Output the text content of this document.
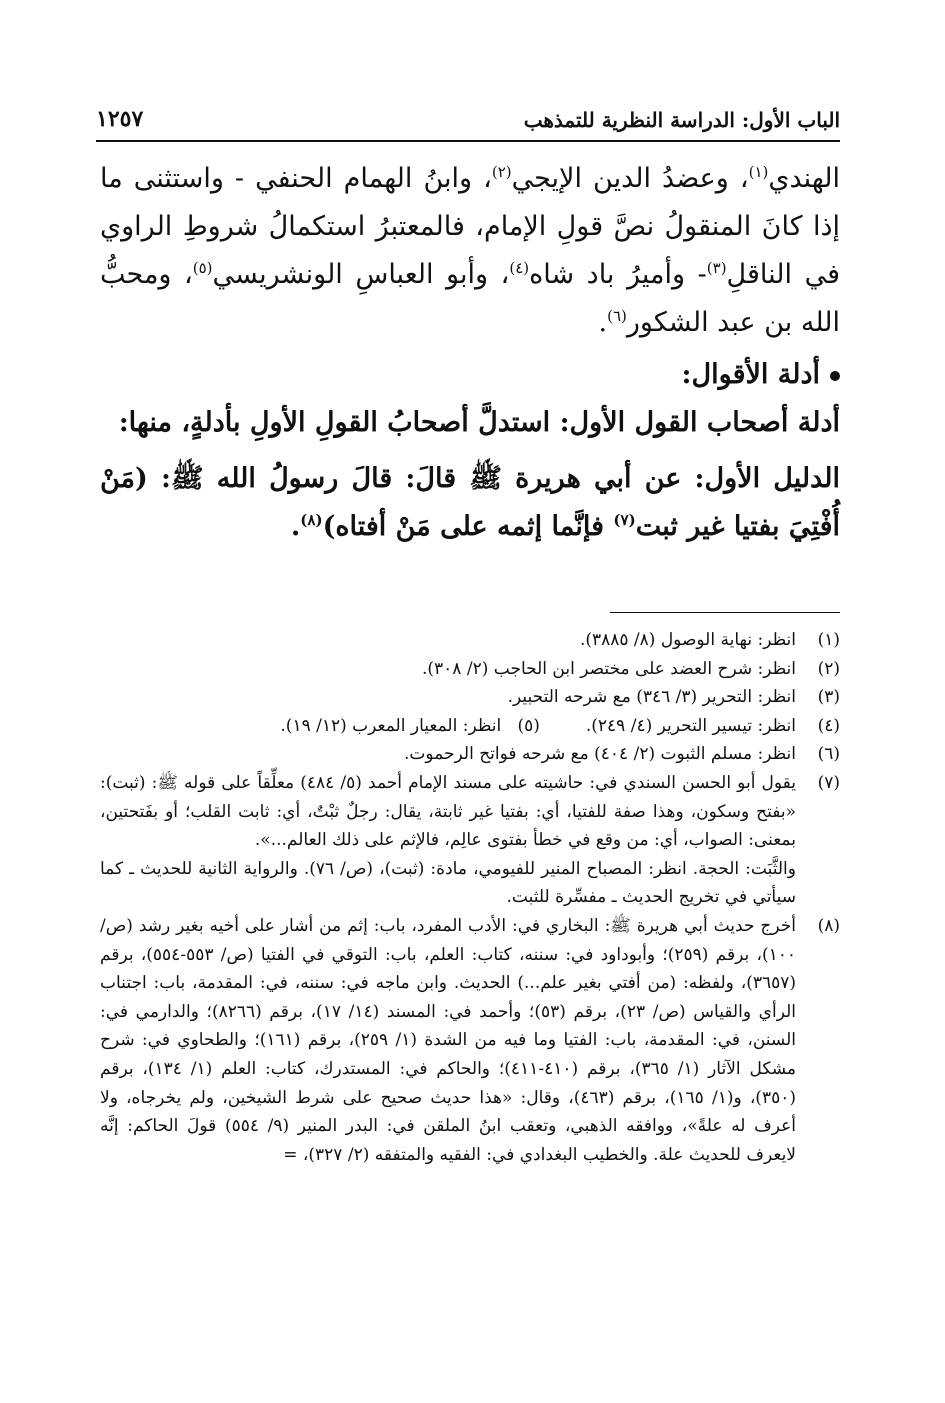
الباب الأول: الدراسة النظرية للتمذهب
١٢٥٧

الهندي$^{(١)}$، وعضدُ الدين الإيجي$^{(٢)}$، وابنُ الهمام الحنفي - واستثنى ما إذا كانَ المنقولُ نصَّ قولِ الإمام، فالمعتبرُ استكمالُ شروطِ الراوي في الناقلِ$^{(٣)}$- وأميرُ باد شاه$^{(٤)}$، وأبو العباسِ الونشريسي$^{(٥)}$، ومحبُّ الله بن عبد الشكور$^{(٦)}$.

أدلة الأقوال:

أدلة أصحاب القول الأول: استدلَّ أصحابُ القولِ الأولِ بأدلةٍ، منها:

الدليل الأول: عن أبي هريرة ﷺ قالَ: قالَ رسولُ الله ﷺ: (مَنْ أُفْتِيَ بفتيا غير ثبت$^{(٧)}$ فإنَّما إثمه على مَنْ أفتاه)$^{(٨)}$.

(١)
انظر: نهاية الوصول (٨/ ٣٨٨٥).
(٢)
انظر: شرح العضد على مختصر ابن الحاجب (٢/ ٣٠٨).
(٣)
انظر: التحرير (٣/ ٣٤٦) مع شرحه التحبير.
(٤)
انظر: تيسير التحرير (٤/ ٢٤٩).(٥)   انظر: المعيار المعرب (١٢/ ١٩).
(٦)
انظر: مسلم الثبوت (٢/ ٤٠٤) مع شرحه فواتح الرحموت.
(٧)
يقول أبو الحسن السندي في: حاشيته على مسند الإمام أحمد (٥/ ٤٨٤) معلِّقاً على قوله ﷺ: (ثبت): «بفتح وسكون، وهذا صفة للفتيا، أي: بفتيا غير ثابتة، يقال: رجلٌ ثبْتٌ، أي: ثابت القلب؛ أو بفَتحتين، بمعنى: الصواب، أي: من وقع في خطأ بفتوى عالِم، فالإثم على ذلك العالم...».
والثَّبَت: الحجة. انظر: المصباح المنير للفيومي، مادة: (ثبت)، (ص/ ٧٦). والرواية الثانية للحديث ـ كما سيأتي في تخريج الحديث ـ مفسِّرة للثبت.
(٨)
أخرج حديث أبي هريرة ﷺ: البخاري في: الأدب المفرد، باب: إثم من أشار على أخيه بغير رشد (ص/ ١٠٠)، برقم (٢٥٩)؛ وأبوداود في: سننه، كتاب: العلم، باب: التوقي في الفتيا (ص/ ٥٥٣-٥٥٤)، برقم (٣٦٥٧)، ولفظه: (من أفتي بغير علم...) الحديث. وابن ماجه في: سننه، في: المقدمة، باب: اجتناب الرأي والقياس (ص/ ٢٣)، برقم (٥٣)؛ وأحمد في: المسند (١٤/ ١٧)، برقم (٨٢٦٦)؛ والدارمي في: السنن، في: المقدمة، باب: الفتيا وما فيه من الشدة (١/ ٢٥٩)، برقم (١٦١)؛ والطحاوي في: شرح مشكل الآثار (١/ ٣٦٥)، برقم (٤١٠-٤١١)؛ والحاكم في: المستدرك، كتاب: العلم (١/ ١٣٤)، برقم (٣٥٠)، و(١/ ١٦٥)، برقم (٤٦٣)، وقال: «هذا حديث صحيح على شرط الشيخين، ولم يخرجاه، ولا أعرف له علةً»، ووافقه الذهبي، وتعقب ابنُ الملقن في: البدر المنير (٩/ ٥٥٤) قولَ الحاكم: إنَّه لايعرف للحديث علة. والخطيب البغدادي في: الفقيه والمتفقه (٢/ ٣٢٧)، =
